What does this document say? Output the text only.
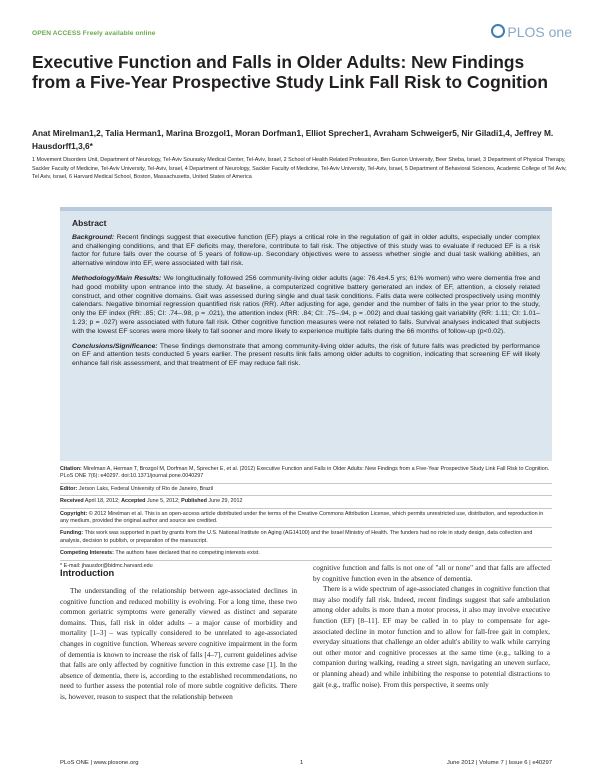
OPEN ACCESS Freely available online	PLOS one
Executive Function and Falls in Older Adults: New Findings from a Five-Year Prospective Study Link Fall Risk to Cognition
Anat Mirelman1,2, Talia Herman1, Marina Brozgol1, Moran Dorfman1, Elliot Sprecher1, Avraham Schweiger5, Nir Giladi1,4, Jeffrey M. Hausdorff1,3,6*
1 Movement Disorders Unit, Department of Neurology, Tel-Aviv Sourasky Medical Center, Tel-Aviv, Israel, 2 School of Health Related Professions, Ben Gurion University, Beer Sheba, Israel, 3 Department of Physical Therapy, Sackler Faculty of Medicine, Tel-Aviv University, Tel-Aviv, Israel, 4 Department of Neurology, Sackler Faculty of Medicine, Tel-Aviv University, Tel-Aviv, Israel, 5 Department of Behavioral Sciences, Academic College of Tel Aviv, Tel Aviv, Israel, 6 Harvard Medical School, Boston, Massachusetts, United States of America
Abstract

Background: Recent findings suggest that executive function (EF) plays a critical role in the regulation of gait in older adults, especially under complex and challenging conditions, and that EF deficits may, therefore, contribute to fall risk. The objective of this study was to evaluate if reduced EF is a risk factor for future falls over the course of 5 years of follow-up. Secondary objectives were to assess whether single and dual task walking abilities, an alternative window into EF, were associated with fall risk.

Methodology/Main Results: We longitudinally followed 256 community-living older adults (age: 76.4±4.5 yrs; 61% women) who were dementia free and had good mobility upon entrance into the study. At baseline, a computerized cognitive battery generated an index of EF, attention, a closely related construct, and other cognitive domains. Gait was assessed during single and dual task conditions. Falls data were collected prospectively using monthly calendars. Negative binomial regression quantified risk ratios (RR). After adjusting for age, gender and the number of falls in the year prior to the study, only the EF index (RR: .85; CI: .74–.98, p = .021), the attention index (RR: .84; CI: .75–.94, p = .002) and dual tasking gait variability (RR: 1.11; CI: 1.01–1.23; p = .027) were associated with future fall risk. Other cognitive function measures were not related to falls. Survival analyses indicated that subjects with the lowest EF scores were more likely to fall sooner and more likely to experience multiple falls during the 66 months of follow-up (p<0.02).

Conclusions/Significance: These findings demonstrate that among community-living older adults, the risk of future falls was predicted by performance on EF and attention tests conducted 5 years earlier. The present results link falls among older adults to cognition, indicating that screening EF will likely enhance fall risk assessment, and that treatment of EF may reduce fall risk.

Citation: Mirelman A, Herman T, Brozgol M, Dorfman M, Sprecher E, et al. (2012) Executive Function and Falls in Older Adults: New Findings from a Five-Year Prospective Study Link Fall Risk to Cognition. PLoS ONE 7(6): e40297. doi:10.1371/journal.pone.0040297
Editor: Jerson Laks, Federal University of Rio de Janeiro, Brazil
Received April 18, 2012; Accepted June 5, 2012; Published June 29, 2012
Copyright: © 2012 Mirelman et al. This is an open-access article distributed under the terms of the Creative Commons Attribution License, which permits unrestricted use, distribution, and reproduction in any medium, provided the original author and source are credited.
Funding: This work was supported in part by grants from the U.S. National Institute on Aging (AG14100) and the Israel Ministry of Health. The funders had no role in study design, data collection and analysis, decision to publish, or preparation of the manuscript.
Competing Interests: The authors have declared that no competing interests exist.
* E-mail: jhausdor@bidmc.harvard.edu
Introduction

The understanding of the relationship between age-associated declines in cognitive function and reduced mobility is evolving. For a long time, these two common geriatric symptoms were generally viewed as distinct and separate domains. Thus, fall risk in older adults – a major cause of morbidity and mortality [1–3] – was typically considered to be unrelated to age-associated changes in cognitive function. Whereas severe cognitive impairment in the form of dementia is known to increase the risk of falls [4–7], current guidelines advise that falls are only affected by cognitive function in this extreme case [1]. In the absence of dementia, there is, according to the established recommendations, no need to further assess the potential role of more subtle cognitive deficits. There is, however, reason to suspect that the relationship between

cognitive function and falls is not one of "all or none" and that falls are affected by cognitive function even in the absence of dementia.

There is a wide spectrum of age-associated changes in cognitive function that may also modify fall risk. Indeed, recent findings suggest that safe ambulation among older adults is more than a motor process, it also may involve executive function (EF) [8–11]. EF may be called in to play to compensate for age-associated decline in motor function and to allow for fall-free gait in complex, everyday situations that challenge an older adult's ability to walk while carrying out other motor and cognitive processes at the same time (e.g., talking to a companion during walking, reading a street sign, navigating an uneven surface, or planning ahead) and while inhibiting the response to potential distractions to gait (e.g., traffic noise). From this perspective, it seems only

PLoS ONE | www.plosone.org	1	June 2012 | Volume 7 | Issue 6 | e40297
